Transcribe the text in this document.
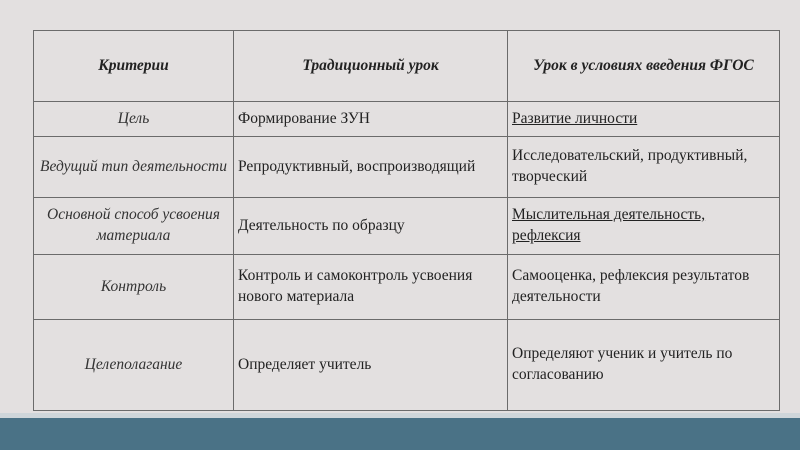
Критерии	Традиционный урок	Урок в условиях введения ФГОС
Цель	Формирование ЗУН	Развитие личности
Ведущий тип деятельности	Репродуктивный, воспроизводящий	Исследовательский, продуктивный, творческий
Основной способ усвоения материала	Деятельность по образцу	Мыслительная деятельность, рефлексия
Контроль	Контроль и самоконтроль усвоения нового материала	Самооценка, рефлексия результатов деятельности
Целеполагание	Определяет учитель	Определяют ученик и учитель по согласованию
